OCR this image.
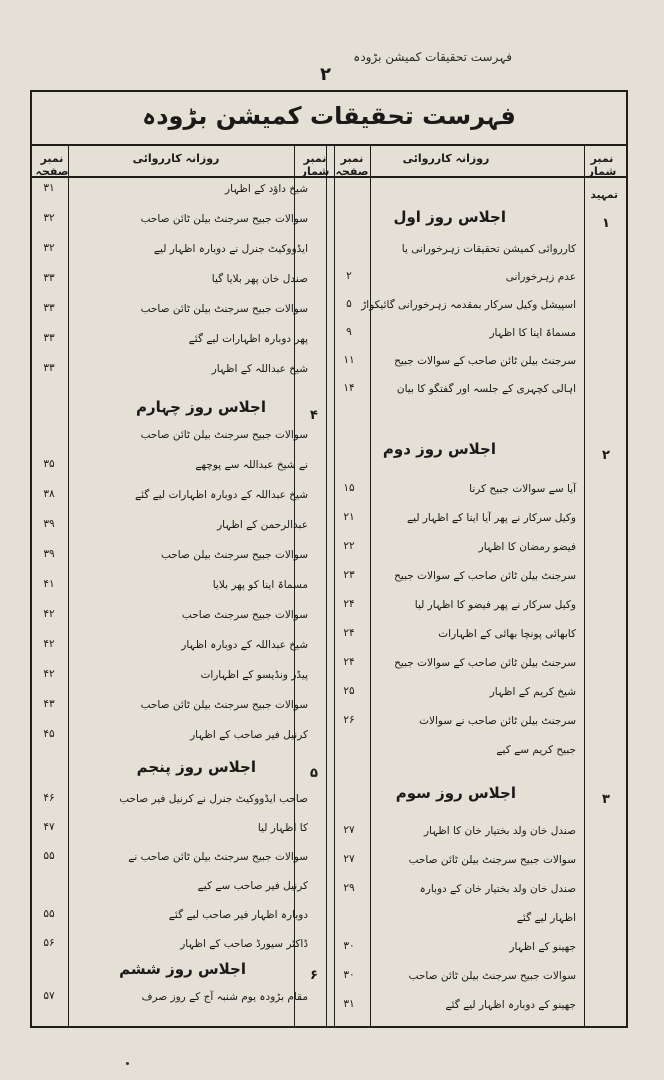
فہرست تحقیقات کمیشن بڑودہ
۲
فہرست تحقیقات کمیشن بڑودہ
نمبر شمار
روزانہ کارروائی
نمبر صفحہ
نمبر شمار
روزانہ کارروائی
نمبر صفحہ
تمہید
۱
اجلاس روز اول
۲
اجلاس روز دوم
۳
اجلاس روز سوم
۴
اجلاس روز چہارم
۵
اجلاس روز پنجم
۶
اجلاس روز ششم
کارروائی کمیشن تحقیقات زہرخورانی یا
عدم زہرخورانی
۲
اسپیشل وکیل سرکار بمقدمہ زہرخورانی گائیکواڑ
۵
مسماۃ اینا کا اظہار
۹
سرجنٹ بیلن ٹائن صاحب کے سوالات جبیح
۱۱
اہالی کچہری کے جلسہ اور گفتگو کا بیان
۱۴
آیا سے سوالات جبیح کرنا
۱۵
وکیل سرکار نے پھر آیا اینا کے اظہار لیے
۲۱
فیضو رمضان کا اظہار
۲۲
سرجنٹ بیلن ٹائن صاحب کے سوالات جبیح
۲۳
وکیل سرکار نے پھر فیضو کا اظہار لیا
۲۴
کابھائی پونچا بھائی کے اظہارات
۲۴
سرجنٹ بیلن ٹائن صاحب کے سوالات جبیح
۲۴
شیخ کریم کے اظہار
۲۵
سرجنٹ بیلن ٹائن صاحب نے سوالات
۲۶
جبیح کریم سے کیے
صندل خان ولد بختیار خان کا اظہار
۲۷
سوالات جبیح سرجنٹ بیلن ٹائن صاحب
۲۷
صندل خان ولد بختیار خان کے دوبارہ
۲۹
اظہار لیے گئے
جھینو کے اظہار
۳۰
سوالات جبیح سرجنٹ بیلن ٹائن صاحب
۳۰
جھینو کے دوبارہ اظہار لیے گئے
۳۱
شیخ داؤد کے اظہار
۳۱
سوالات جبیح سرجنٹ بیلن ٹائن صاحب
۳۲
ایڈووکیٹ جنرل نے دوبارہ اظہار لیے
۳۲
صندل خان پھر بلایا گیا
۳۳
سوالات جبیح سرجنٹ بیلن ٹائن صاحب
۳۳
پھر دوبارہ اظہارات لیے گئے
۳۳
شیخ عبداللہ کے اظہار
۳۳
سوالات جبیح سرجنٹ بیلن ٹائن صاحب
نے شیخ عبداللہ سے پوچھے
۳۵
شیخ عبداللہ کے دوبارہ اظہارات لیے گئے
۳۸
عبدالرحمن کے اظہار
۳۹
سوالات جبیح سرجنٹ بیلن صاحب
۳۹
مسماۃ اینا کو پھر بلایا
۴۱
سوالات جبیح سرجنٹ صاحب
۴۲
شیخ عبداللہ کے دوبارہ اظہار
۴۲
پیڈر ونڈیسو کے اظہارات
۴۲
سوالات جبیح سرجنٹ بیلن ٹائن صاحب
۴۳
کرنیل فیر صاحب کے اظہار
۴۵
صاحب ایڈووکیٹ جنرل نے کرنیل فیر صاحب
۴۶
کا اظہار لیا
۴۷
سوالات جبیح سرجنٹ بیلن ٹائن صاحب نے
۵۵
کرنیل فیر صاحب سے کیے
دوبارہ اظہار فیر صاحب لیے گئے
۵۵
ڈاکٹر سیورڈ صاحب کے اظہار
۵۶
مقام بڑودہ یوم شنبہ آج کے روز صرف
۵۷
